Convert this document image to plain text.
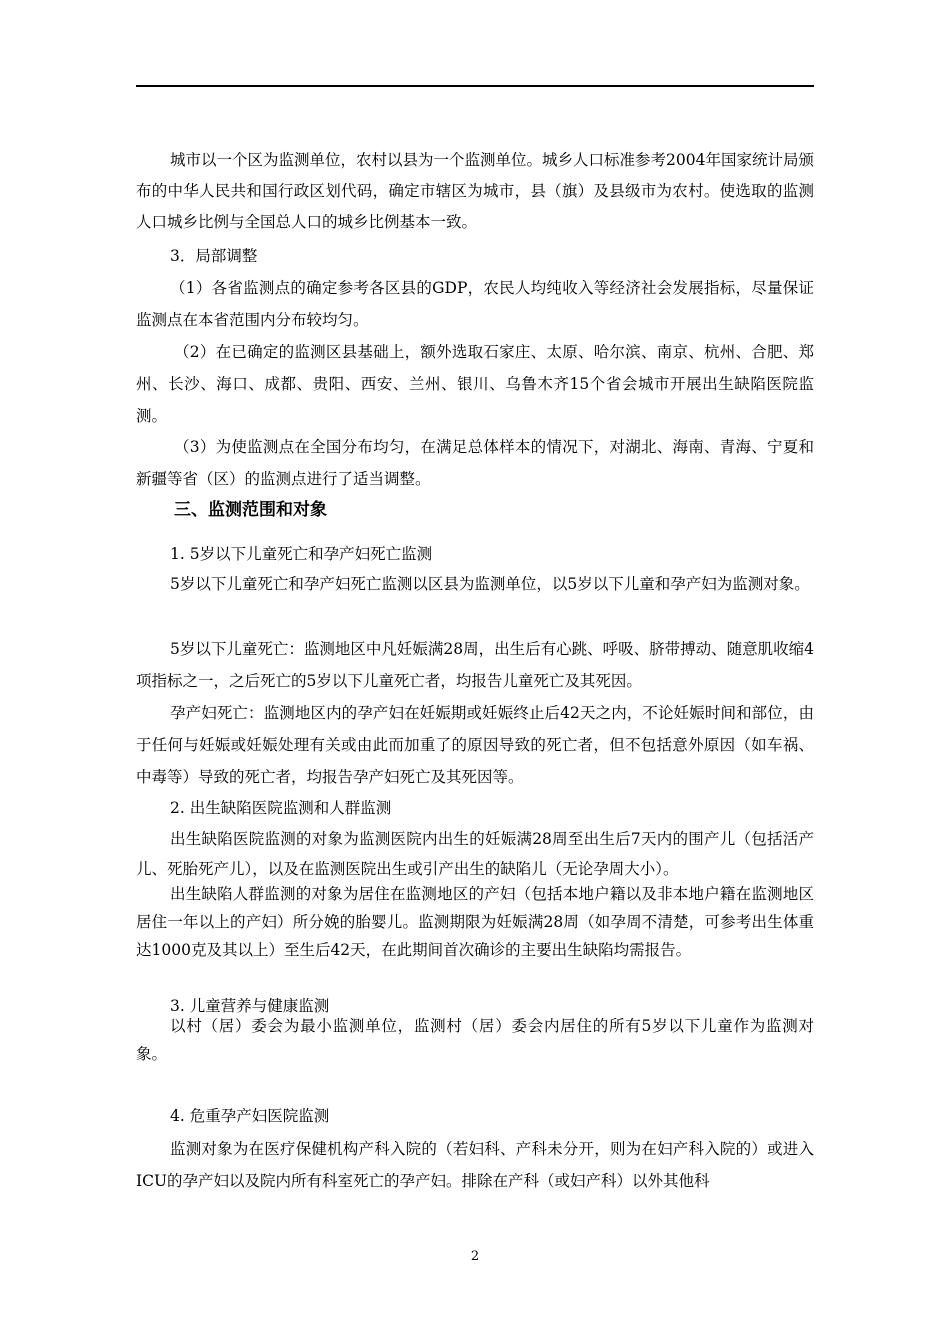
城市以一个区为监测单位，农村以县为一个监测单位。城乡人口标准参考2004年国家统计局颁布的中华人民共和国行政区划代码，确定市辖区为城市，县（旗）及县级市为农村。使选取的监测人口城乡比例与全国总人口的城乡比例基本一致。

3．局部调整

（1）各省监测点的确定参考各区县的GDP，农民人均纯收入等经济社会发展指标，尽量保证监测点在本省范围内分布较均匀。

（2）在已确定的监测区县基础上，额外选取石家庄、太原、哈尔滨、南京、杭州、合肥、郑州、长沙、海口、成都、贵阳、西安、兰州、银川、乌鲁木齐15个省会城市开展出生缺陷医院监测。

（3）为使监测点在全国分布均匀，在满足总体样本的情况下，对湖北、海南、青海、宁夏和新疆等省（区）的监测点进行了适当调整。

三、监测范围和对象

1. 5岁以下儿童死亡和孕产妇死亡监测

5岁以下儿童死亡和孕产妇死亡监测以区县为监测单位，以5岁以下儿童和孕产妇为监测对象。

5岁以下儿童死亡：监测地区中凡妊娠满28周，出生后有心跳、呼吸、脐带搏动、随意肌收缩4项指标之一，之后死亡的5岁以下儿童死亡者，均报告儿童死亡及其死因。

孕产妇死亡：监测地区内的孕产妇在妊娠期或妊娠终止后42天之内，不论妊娠时间和部位，由于任何与妊娠或妊娠处理有关或由此而加重了的原因导致的死亡者，但不包括意外原因（如车祸、中毒等）导致的死亡者，均报告孕产妇死亡及其死因等。

2. 出生缺陷医院监测和人群监测

出生缺陷医院监测的对象为监测医院内出生的妊娠满28周至出生后7天内的围产儿（包括活产儿、死胎死产儿），以及在监测医院出生或引产出生的缺陷儿（无论孕周大小）。

出生缺陷人群监测的对象为居住在监测地区的产妇（包括本地户籍以及非本地户籍在监测地区居住一年以上的产妇）所分娩的胎婴儿。监测期限为妊娠满28周（如孕周不清楚，可参考出生体重达1000克及其以上）至生后42天，在此期间首次确诊的主要出生缺陷均需报告。

3. 儿童营养与健康监测

以村（居）委会为最小监测单位，监测村（居）委会内居住的所有5岁以下儿童作为监测对象。

4. 危重孕产妇医院监测

监测对象为在医疗保健机构产科入院的（若妇科、产科未分开，则为在妇产科入院的）或进入ICU的孕产妇以及院内所有科室死亡的孕产妇。排除在产科（或妇产科）以外其他科

2
